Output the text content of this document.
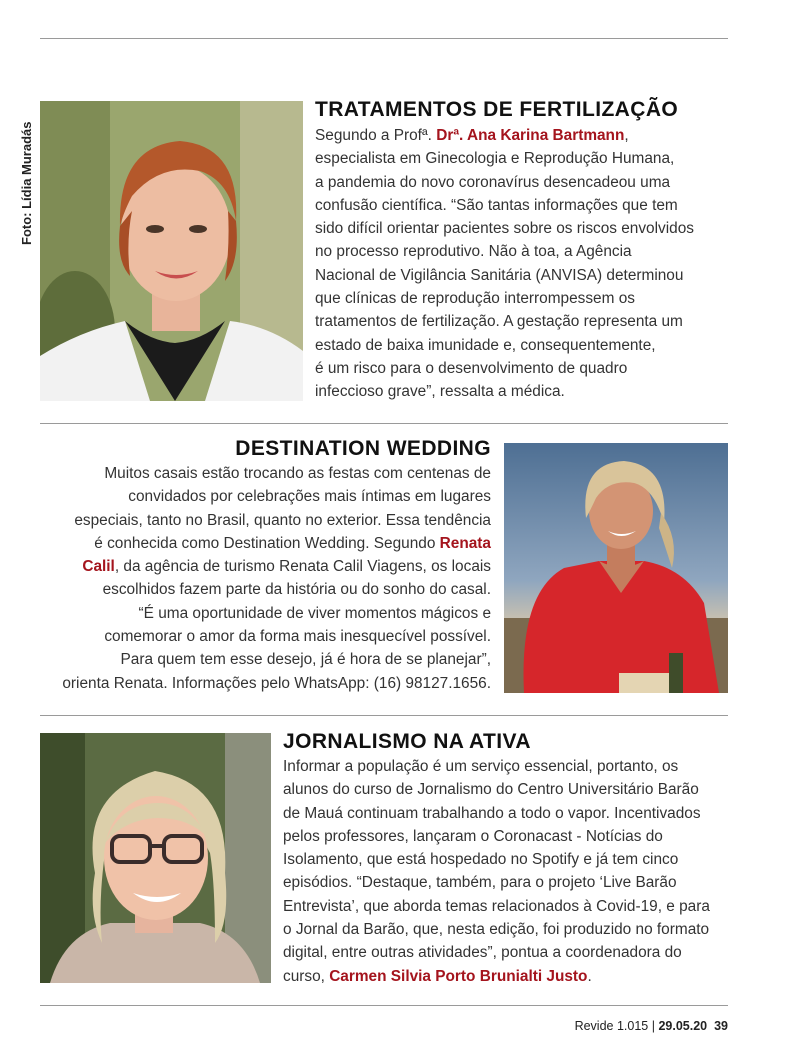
Foto: Lídia Muradás
TRATAMENTOS DE FERTILIZAÇÃO
Segundo a Profª. Drª. Ana Karina Bartmann,
especialista em Ginecologia e Reprodução Humana,
a pandemia do novo coronavírus desencadeou uma
confusão científica. “São tantas informações que tem
sido difícil orientar pacientes sobre os riscos envolvidos
no processo reprodutivo. Não à toa, a Agência
Nacional de Vigilância Sanitária (ANVISA) determinou
que clínicas de reprodução interrompessem os
tratamentos de fertilização. A gestação representa um
estado de baixa imunidade e, consequentemente,
é um risco para o desenvolvimento de quadro
infeccioso grave”, ressalta a médica.
DESTINATION WEDDING
Muitos casais estão trocando as festas com centenas de
convidados por celebrações mais íntimas em lugares
especiais, tanto no Brasil, quanto no exterior. Essa tendência
é conhecida como Destination Wedding. Segundo Renata
Calil, da agência de turismo Renata Calil Viagens, os locais
escolhidos fazem parte da história ou do sonho do casal.
“É uma oportunidade de viver momentos mágicos e
comemorar o amor da forma mais inesquecível possível.
Para quem tem esse desejo, já é hora de se planejar”,
orienta Renata. Informações pelo WhatsApp: (16) 98127.1656.
JORNALISMO NA ATIVA
Informar a população é um serviço essencial, portanto, os
alunos do curso de Jornalismo do Centro Universitário Barão
de Mauá continuam trabalhando a todo o vapor. Incentivados
pelos professores, lançaram o Coronacast - Notícias do
Isolamento, que está hospedado no Spotify e já tem cinco
episódios. “Destaque, também, para o projeto ‘Live Barão
Entrevista’, que aborda temas relacionados à Covid-19, e para
o Jornal da Barão, que, nesta edição, foi produzido no formato
digital, entre outras atividades”, pontua a coordenadora do
curso, Carmen Silvia Porto Brunialti Justo.
Revide 1.015 | 29.05.20 39
